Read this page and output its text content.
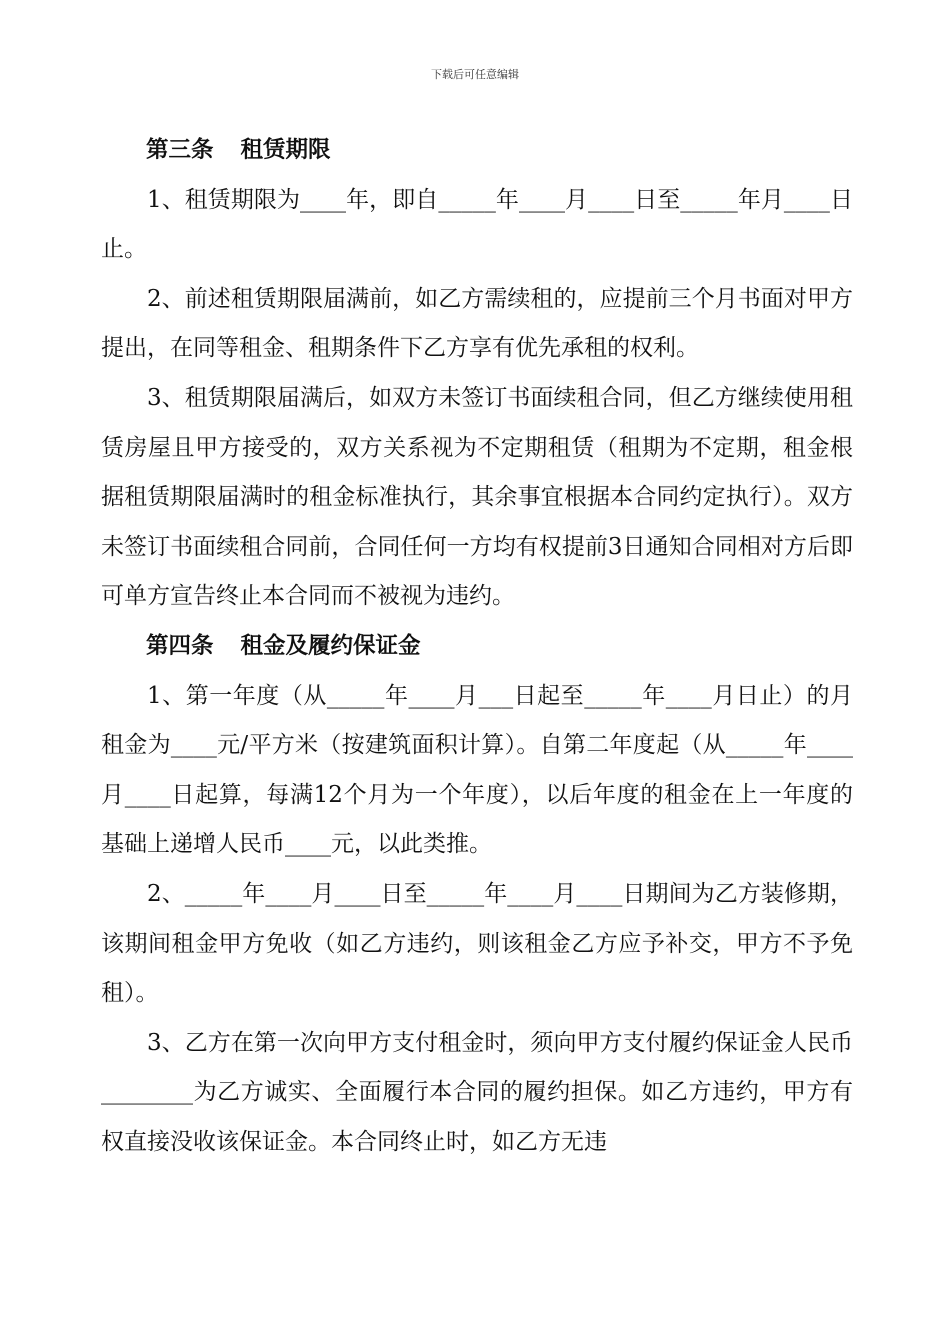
下载后可任意编辑

第三条 租赁期限

1、租赁期限为____年，即自_____年____月____日至_____年月____日止。

2、前述租赁期限届满前，如乙方需续租的，应提前三个月书面对甲方提出，在同等租金、租期条件下乙方享有优先承租的权利。

3、租赁期限届满后，如双方未签订书面续租合同，但乙方继续使用租赁房屋且甲方接受的，双方关系视为不定期租赁（租期为不定期，租金根据租赁期限届满时的租金标准执行，其余事宜根据本合同约定执行）。双方未签订书面续租合同前，合同任何一方均有权提前3日通知合同相对方后即可单方宣告终止本合同而不被视为违约。

第四条 租金及履约保证金

1、第一年度（从_____年____月___日起至_____年____月日止）的月租金为____元/平方米（按建筑面积计算）。自第二年度起（从_____年____月____日起算，每满12个月为一个年度），以后年度的租金在上一年度的基础上递增人民币____元，以此类推。

2、_____年____月____日至_____年____月____日期间为乙方装修期，该期间租金甲方免收（如乙方违约，则该租金乙方应予补交，甲方不予免租）。

3、乙方在第一次向甲方支付租金时，须向甲方支付履约保证金人民币________为乙方诚实、全面履行本合同的履约担保。如乙方违约，甲方有权直接没收该保证金。本合同终止时，如乙方无违
